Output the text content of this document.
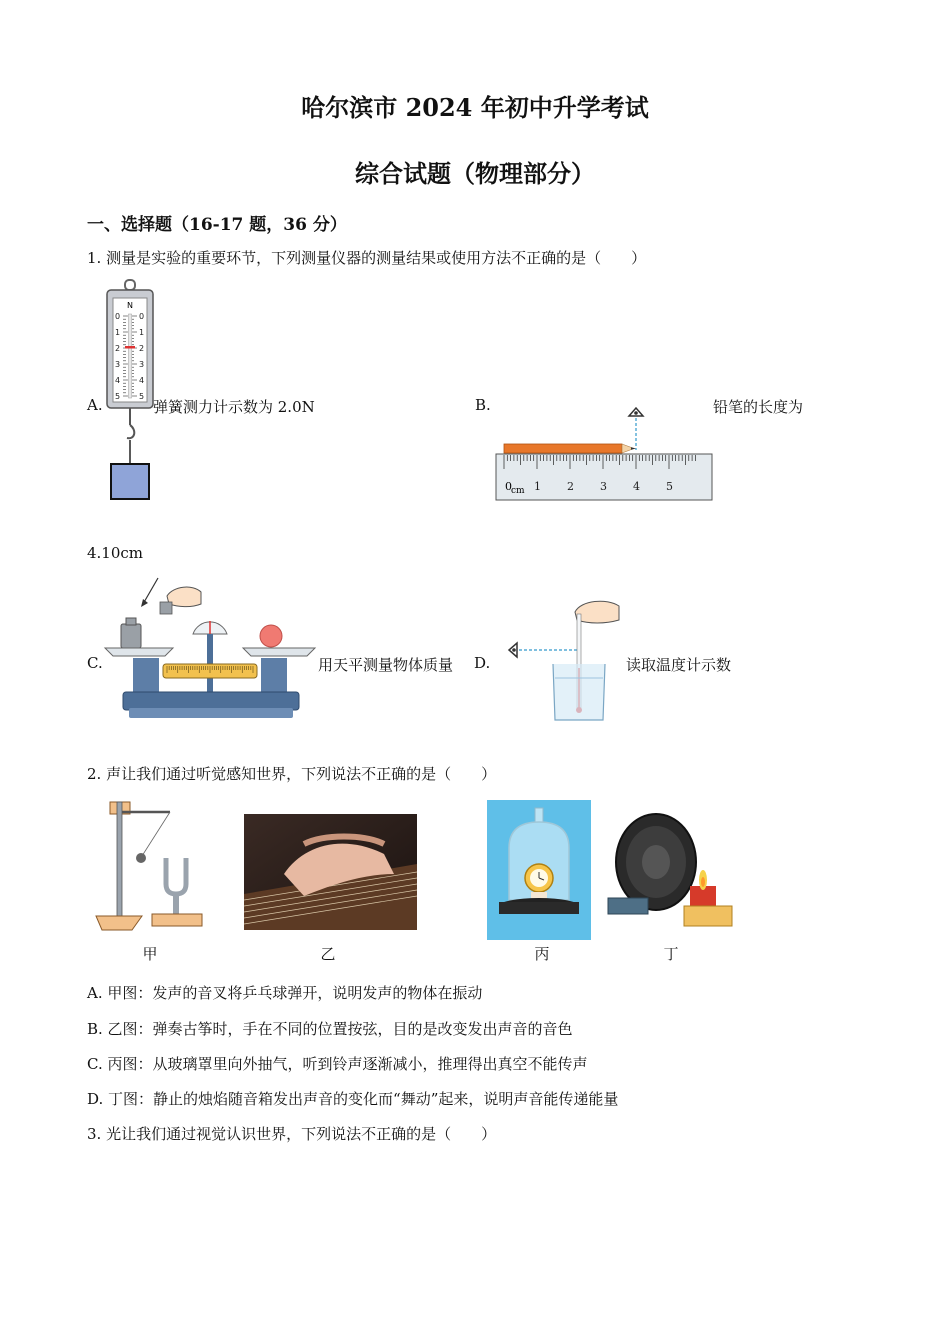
哈尔滨市 2024 年初中升学考试
综合试题（物理部分）
一、选择题（16-17 题，36 分）
1. 测量是实验的重要环节，下列测量仪器的测量结果或使用方法不正确的是（　　）
A.
N
0
1
2
3
4
5
0
1
2
3
4
5
弹簧测力计示数为 2.0N	B.
0 cm 1 2 3 4 5
铅笔的长度为
4.10cm
C.	用天平测量物体质量 D.	读取温度计示数
2. 声让我们通过听觉感知世界，下列说法不正确的是（　　）
甲	乙	丙	丁
A. 甲图：发声的音叉将乒乓球弹开，说明发声的物体在振动
B. 乙图：弹奏古筝时，手在不同的位置按弦，目的是改变发出声音的音色
C. 丙图：从玻璃罩里向外抽气，听到铃声逐渐减小，推理得出真空不能传声
D. 丁图：静止的烛焰随音箱发出声音的变化而“舞动”起来，说明声音能传递能量
3. 光让我们通过视觉认识世界，下列说法不正确的是（　　）
